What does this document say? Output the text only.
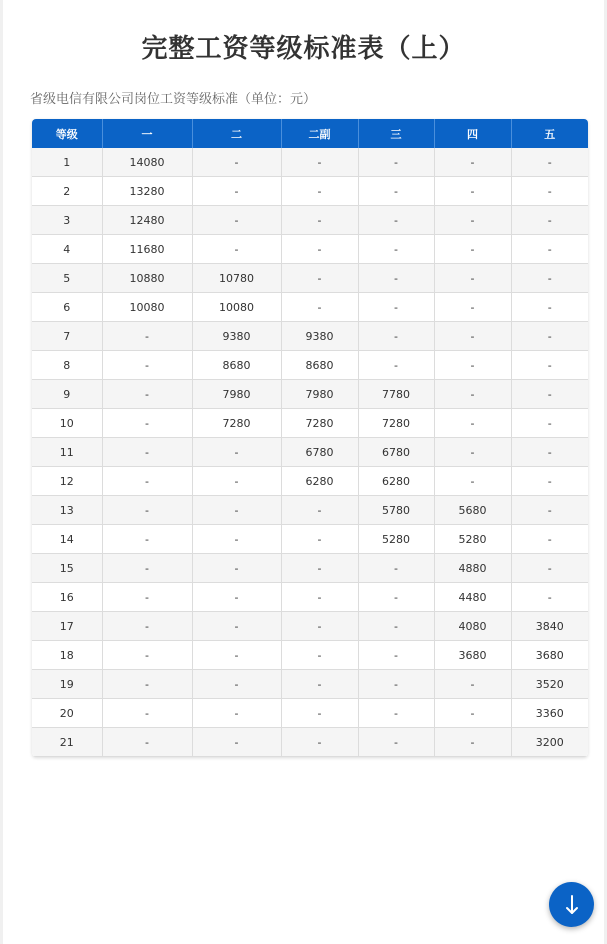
完整工资等级标准表（上）
省级电信有限公司岗位工资等级标准（单位：元）
等级	一	二	二副	三	四	五
1	14080	-	-	-	-	-
2	13280	-	-	-	-	-
3	12480	-	-	-	-	-
4	11680	-	-	-	-	-
5	10880	10780	-	-	-	-
6	10080	10080	-	-	-	-
7	-	9380	9380	-	-	-
8	-	8680	8680	-	-	-
9	-	7980	7980	7780	-	-
10	-	7280	7280	7280	-	-
11	-	-	6780	6780	-	-
12	-	-	6280	6280	-	-
13	-	-	-	5780	5680	-
14	-	-	-	5280	5280	-
15	-	-	-	-	4880	-
16	-	-	-	-	4480	-
17	-	-	-	-	4080	3840
18	-	-	-	-	3680	3680
19	-	-	-	-	-	3520
20	-	-	-	-	-	3360
21	-	-	-	-	-	3200
